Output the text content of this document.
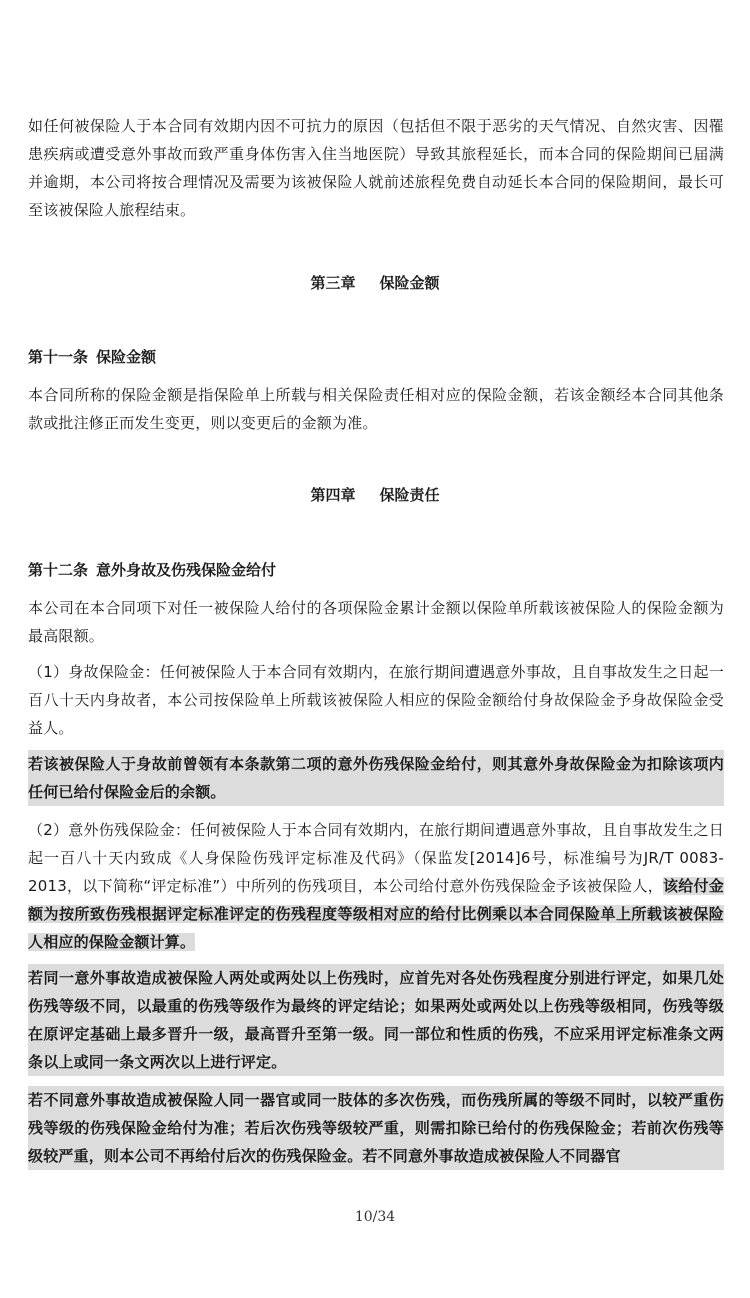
如任何被保险人于本合同有效期内因不可抗力的原因（包括但不限于恶劣的天气情况、自然灾害、因罹患疾病或遭受意外事故而致严重身体伤害入住当地医院）导致其旅程延长，而本合同的保险期间已届满并逾期，本公司将按合理情况及需要为该被保险人就前述旅程免费自动延长本合同的保险期间，最长可至该被保险人旅程结束。

第三章 保险金额

第十一条 保险金额

本合同所称的保险金额是指保险单上所载与相关保险责任相对应的保险金额，若该金额经本合同其他条款或批注修正而发生变更，则以变更后的金额为准。

第四章 保险责任

第十二条 意外身故及伤残保险金给付

本公司在本合同项下对任一被保险人给付的各项保险金累计金额以保险单所载该被保险人的保险金额为最高限额。

（1）身故保险金：任何被保险人于本合同有效期内，在旅行期间遭遇意外事故，且自事故发生之日起一百八十天内身故者，本公司按保险单上所载该被保险人相应的保险金额给付身故保险金予身故保险金受益人。

若该被保险人于身故前曾领有本条款第二项的意外伤残保险金给付，则其意外身故保险金为扣除该项内任何已给付保险金后的余额。

（2）意外伤残保险金：任何被保险人于本合同有效期内，在旅行期间遭遇意外事故，且自事故发生之日起一百八十天内致成《人身保险伤残评定标准及代码》（保监发[2014]6号，标准编号为JR/T 0083-2013，以下简称“评定标准”）中所列的伤残项目，本公司给付意外伤残保险金予该被保险人，该给付金额为按所致伤残根据评定标准评定的伤残程度等级相对应的给付比例乘以本合同保险单上所载该被保险人相应的保险金额计算。

若同一意外事故造成被保险人两处或两处以上伤残时，应首先对各处伤残程度分别进行评定，如果几处伤残等级不同，以最重的伤残等级作为最终的评定结论；如果两处或两处以上伤残等级相同，伤残等级在原评定基础上最多晋升一级，最高晋升至第一级。同一部位和性质的伤残，不应采用评定标准条文两条以上或同一条文两次以上进行评定。

若不同意外事故造成被保险人同一器官或同一肢体的多次伤残，而伤残所属的等级不同时，以较严重伤残等级的伤残保险金给付为准；若后次伤残等级较严重，则需扣除已给付的伤残保险金；若前次伤残等级较严重，则本公司不再给付后次的伤残保险金。若不同意外事故造成被保险人不同器官

10/34
